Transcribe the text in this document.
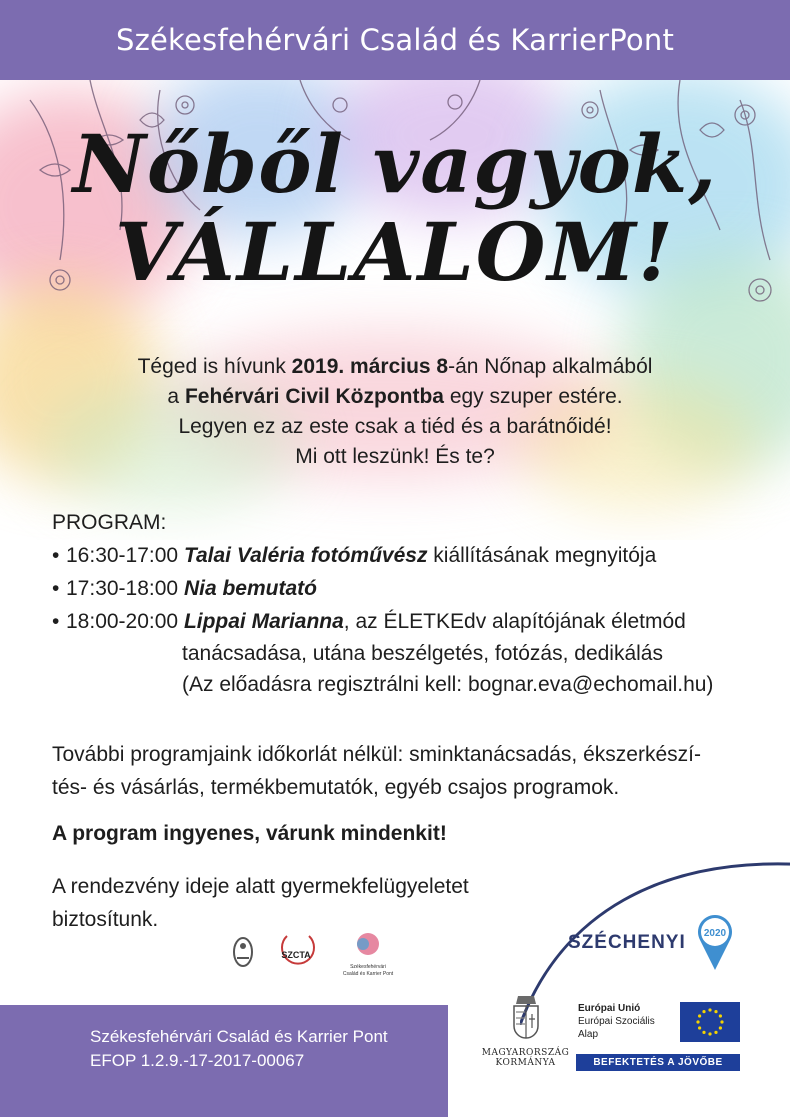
Székesfehérvári Család és KarrierPont
Nőből vagyok,
VÁLLALOM!
Téged is hívunk 2019. március 8-án Nőnap alkalmából
a Fehérvári Civil Központba egy szuper estére.
Legyen ez az este csak a tiéd és a barátnőidé!
Mi ott leszünk! És te?
PROGRAM:
• 16:30-17:00 Talai Valéria fotóművész kiállításának megnyitója
• 17:30-18:00 Nia bemutató
• 18:00-20:00 Lippai Marianna, az ÉLETKEdv alapítójának életmód
tanácsadása, utána beszélgetés, fotózás, dedikálás
(Az előadásra regisztrálni kell: bognar.eva@echomail.hu)
További programjaink időkorlát nélkül: sminktanácsadás, ékszerkészí-
tés- és vásárlás, termékbemutatók, egyéb csajos programok.
A program ingyenes, várunk mindenkit!
A rendezvény ideje alatt gyermekfelügyeletet
biztosítunk.
SZCTA
Székesfehérvári
Család és Karrier Pont
SZÉCHENYI 2020
Székesfehérvári Család és Karrier Pont
EFOP 1.2.9.-17-2017-00067	MAGYARORSZÁG
KORMÁNYA
Európai Unió
Európai Szociális
Alap
BEFEKTETÉS A JÖVŐBE
